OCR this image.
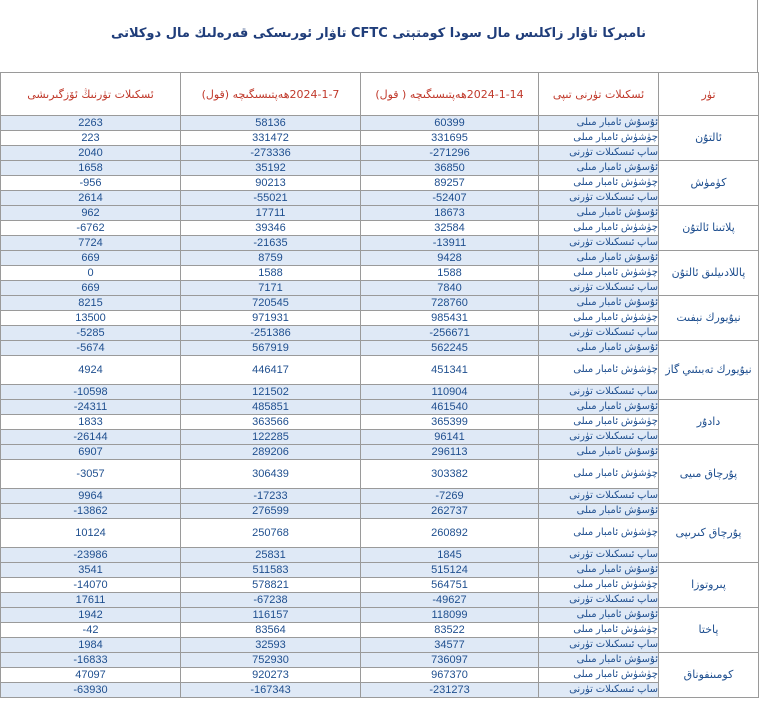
نامېركا تاۋار زاكلىس مال سودا كومتېتى CFTC تاۋار ئورىسكى قەرەلىك مال دوكلاتى
تۈر	ئسكىلات تۈرنى تىپى	2024-1-14ھەپتىسىگىچە ( قول)	2024-1-7ھەپتىسىگىچە (قول)	ئسكىلات تۈرنىڭ ئۆزگىرىشى
ئالتۇن	ئۇسۇش ئامبار مىلى	60399	58136	2263
	چۈشۈش ئامبار مىلى	331695	331472	223
	ساپ ئىسكىلات تۈرنى	-271296	-273336	2040
كۈمۈش	ئۇسۇش ئامبار مىلى	36850	35192	1658
	چۈشۈش ئامبار مىلى	89257	90213	-956
	ساپ ئىسكىلات تۈرنى	-52407	-55021	2614
پلاتىنا ئالتۇن	ئۇسۇش ئامبار مىلى	18673	17711	962
	چۈشۈش ئامبار مىلى	32584	39346	-6762
	ساپ ئىسكىلات تۈرنى	-13911	-21635	7724
پاللادىيلىق ئالتۇن	ئۇسۇش ئامبار مىلى	9428	8759	669
	چۈشۈش ئامبار مىلى	1588	1588	0
	ساپ ئىسكىلات تۈرنى	7840	7171	669
نيۇيورك نېفىت	ئۇسۇش ئامبار مىلى	728760	720545	8215
	چۈشۈش ئامبار مىلى	985431	971931	13500
	ساپ ئىسكىلات تۈرنى	-256671	-251386	-5285
نيۇيورك تەبىئىي گاز	ئۇسۇش ئامبار مىلى	562245	567919	-5674
	چۈشۈش ئامبار مىلى	451341	446417	4924
	ساپ ئىسكىلات تۈرنى	110904	121502	-10598
دادۇر	ئۇسۇش ئامبار مىلى	461540	485851	-24311
	چۈشۈش ئامبار مىلى	365399	363566	1833
	ساپ ئىسكىلات تۈرنى	96141	122285	-26144
پۇرچاق مىيى	ئۇسۇش ئامبار مىلى	296113	289206	6907
	چۈشۈش ئامبار مىلى	303382	306439	-3057
	ساپ ئىسكىلات تۈرنى	-7269	-17233	9964
پۇرچاق كىرىپى	ئۇسۇش ئامبار مىلى	262737	276599	-13862
	چۈشۈش ئامبار مىلى	260892	250768	10124
	ساپ ئىسكىلات تۈرنى	1845	25831	-23986
پىروتوزا	ئۇسۇش ئامبار مىلى	515124	511583	3541
	چۈشۈش ئامبار مىلى	564751	578821	-14070
	ساپ ئىسكىلات تۈرنى	-49627	-67238	17611
پاختا	ئۇسۇش ئامبار مىلى	118099	116157	1942
	چۈشۈش ئامبار مىلى	83522	83564	-42
	ساپ ئىسكىلات تۈرنى	34577	32593	1984
كومىنفوناق	ئۇسۇش ئامبار مىلى	736097	752930	-16833
	چۈشۈش ئامبار مىلى	967370	920273	47097
	ساپ ئىسكىلات تۈرنى	-231273	-167343	-63930
